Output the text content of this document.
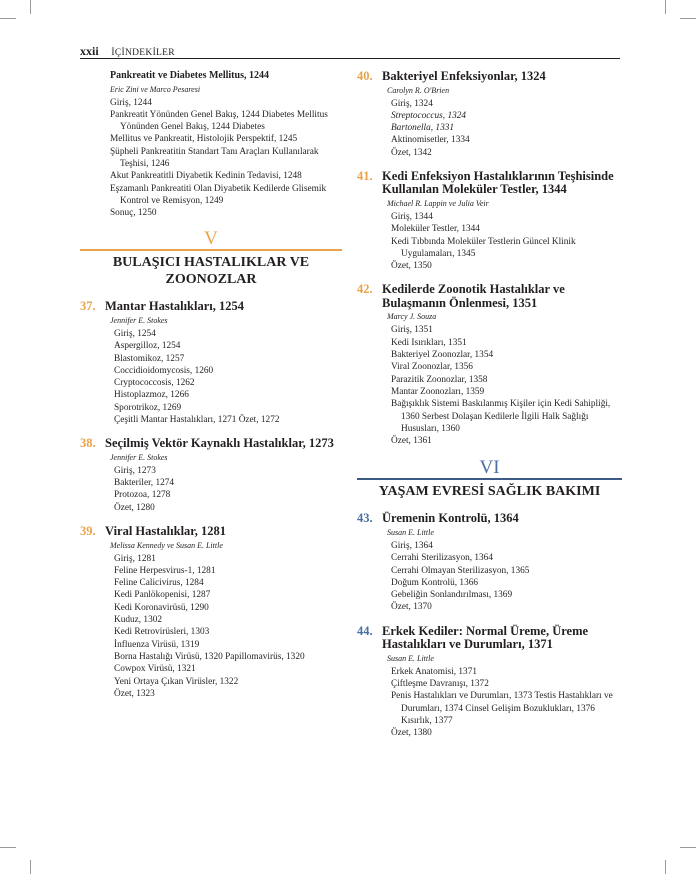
xxii İÇİNDEKİLER
Pankreatit ve Diabetes Mellitus, 1244
Eric Zini ve Marco Pesaresi
Giriş, 1244
Pankreatit Yönünden Genel Bakış, 1244 Diabetes Mellitus Yönünden Genel Bakış, 1244 Diabetes
Mellitus ve Pankreatit, Histolojik Perspektif, 1245
Şüpheli Pankreatitin Standart Tanı Araçları Kullanılarak Teşhisi, 1246
Akut Pankreatitli Diyabetik Kedinin Tedavisi, 1248
Eşzamanlı Pankreatiti Olan Diyabetik Kedilerde Glisemik Kontrol ve Remisyon, 1249
Sonuç, 1250
V
BULAŞICI HASTALIKLAR VE ZOONOZLAR
37. Mantar Hastalıkları, 1254
Jennifer E. Stokes
Giriş, 1254
Aspergilloz, 1254
Blastomikoz, 1257
Coccidioidomycosis, 1260
Cryptococcosis, 1262
Histoplazmoz, 1266
Sporotrikoz, 1269
Çeşitli Mantar Hastalıkları, 1271 Özet, 1272
38. Seçilmiş Vektör Kaynaklı Hastalıklar, 1273
Jennifer E. Stokes
Giriş, 1273
Bakteriler, 1274
Protozoa, 1278
Özet, 1280
39. Viral Hastalıklar, 1281
Melissa Kennedy ve Susan E. Little
Giriş, 1281
Feline Herpesvirus-1, 1281
Feline Calicivirus, 1284
Kedi Panlökopenisi, 1287
Kedi Koronavirüsü, 1290
Kuduz, 1302
Kedi Retrovirüsleri, 1303
İnfluenza Virüsü, 1319
Borna Hastalığı Virüsü, 1320 Papillomavirüs, 1320
Cowpox Virüsü, 1321
Yeni Ortaya Çıkan Virüsler, 1322
Özet, 1323
40. Bakteriyel Enfeksiyonlar, 1324
Carolyn R. O'Brien
Giriş, 1324
Streptococcus, 1324
Bartonella, 1331
Aktinomisetler, 1334
Özet, 1342
41. Kedi Enfeksiyon Hastalıklarının Teşhisinde Kullanılan Moleküler Testler, 1344
Michael R. Lappin ve Julia Veir
Giriş, 1344
Moleküler Testler, 1344
Kedi Tıbbında Moleküler Testlerin Güncel Klinik Uygulamaları, 1345
Özet, 1350
42. Kedilerde Zoonotik Hastalıklar ve Bulaşmanın Önlenmesi, 1351
Marcy J. Souza
Giriş, 1351
Kedi Isırıkları, 1351
Bakteriyel Zoonozlar, 1354
Viral Zoonozlar, 1356
Parazitik Zoonozlar, 1358
Mantar Zoonozları, 1359
Bağışıklık Sistemi Baskılanmış Kişiler için Kedi Sahipliği, 1360 Serbest Dolaşan Kedilerle İlgili Halk Sağlığı Hususları, 1360
Özet, 1361
VI
YAŞAM EVRESİ SAĞLIK BAKIMI
43. Üremenin Kontrolü, 1364
Susan E. Little
Giriş, 1364
Cerrahi Sterilizasyon, 1364
Cerrahi Olmayan Sterilizasyon, 1365
Doğum Kontrolü, 1366
Gebeliğin Sonlandırılması, 1369
Özet, 1370
44. Erkek Kediler: Normal Üreme, Üreme Hastalıkları ve Durumları, 1371
Susan E. Little
Erkek Anatomisi, 1371
Çiftleşme Davranışı, 1372
Penis Hastalıkları ve Durumları, 1373 Testis Hastalıkları ve Durumları, 1374 Cinsel Gelişim Bozuklukları, 1376 Kısırlık, 1377
Özet, 1380
